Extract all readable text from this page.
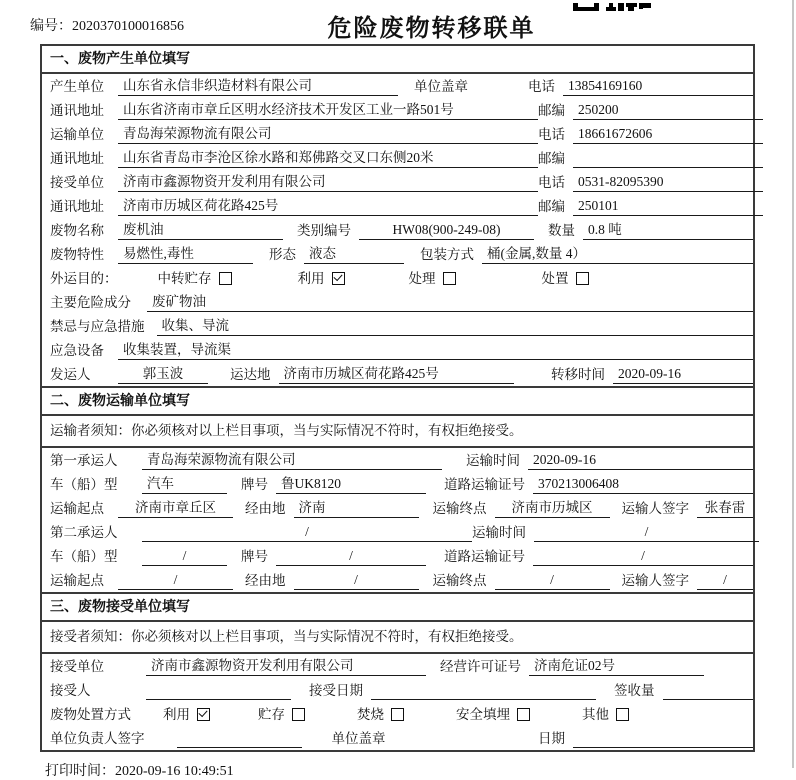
编号：2020370100016856	危险废物转移联单
一、废物产生单位填写
产生单位	山东省永信非织造材料有限公司	单位盖章	电话 13854169160
通讯地址	山东省济南市章丘区明水经济技术开发区工业一路501号	邮编 250200
运输单位	青岛海荣源物流有限公司	电话 18661672606
通讯地址	山东省青岛市李沧区徐水路和郑佛路交叉口东侧20米	邮编
接受单位	济南市鑫源物资开发利用有限公司	电话 0531-82095390
通讯地址	济南市历城区荷花路425号	邮编 250101
废物名称	废机油	类别编号	HW08(900-249-08)	数量 0.8 吨
废物特性	易燃性,毒性	形态 液态	包装方式 桶(金属,数量 4）
外运目的：	中转贮存	利用	处理	处置
主要危险成分	废矿物油
禁忌与应急措施	收集、导流
应急设备	收集装置，导流渠
发运人	郭玉波	运达地 济南市历城区荷花路425号	转移时间 2020-09-16
二、废物运输单位填写
运输者须知：你必须核对以上栏目事项，当与实际情况不符时，有权拒绝接受。
第一承运人	青岛海荣源物流有限公司	运输时间 2020-09-16
车（船）型	汽车	牌号 鲁UK8120	道路运输证号 370213006408
运输起点	济南市章丘区	经由地 济南	运输终点	济南市历城区	运输人签字	张春雷
第二承运人	/	运输时间	/
车（船）型	/	牌号	/	道路运输证号	/
运输起点	/	经由地	/	运输终点	/	运输人签字	/
三、废物接受单位填写
接受者须知：你必须核对以上栏目事项，当与实际情况不符时，有权拒绝接受。
接受单位	济南市鑫源物资开发利用有限公司	经营许可证号 济南危证02号
接受人	接受日期	签收量
废物处置方式	利用	贮存	焚烧	安全填埋	其他
单位负责人签字	单位盖章	日期
打印时间：2020-09-16 10:49:51
